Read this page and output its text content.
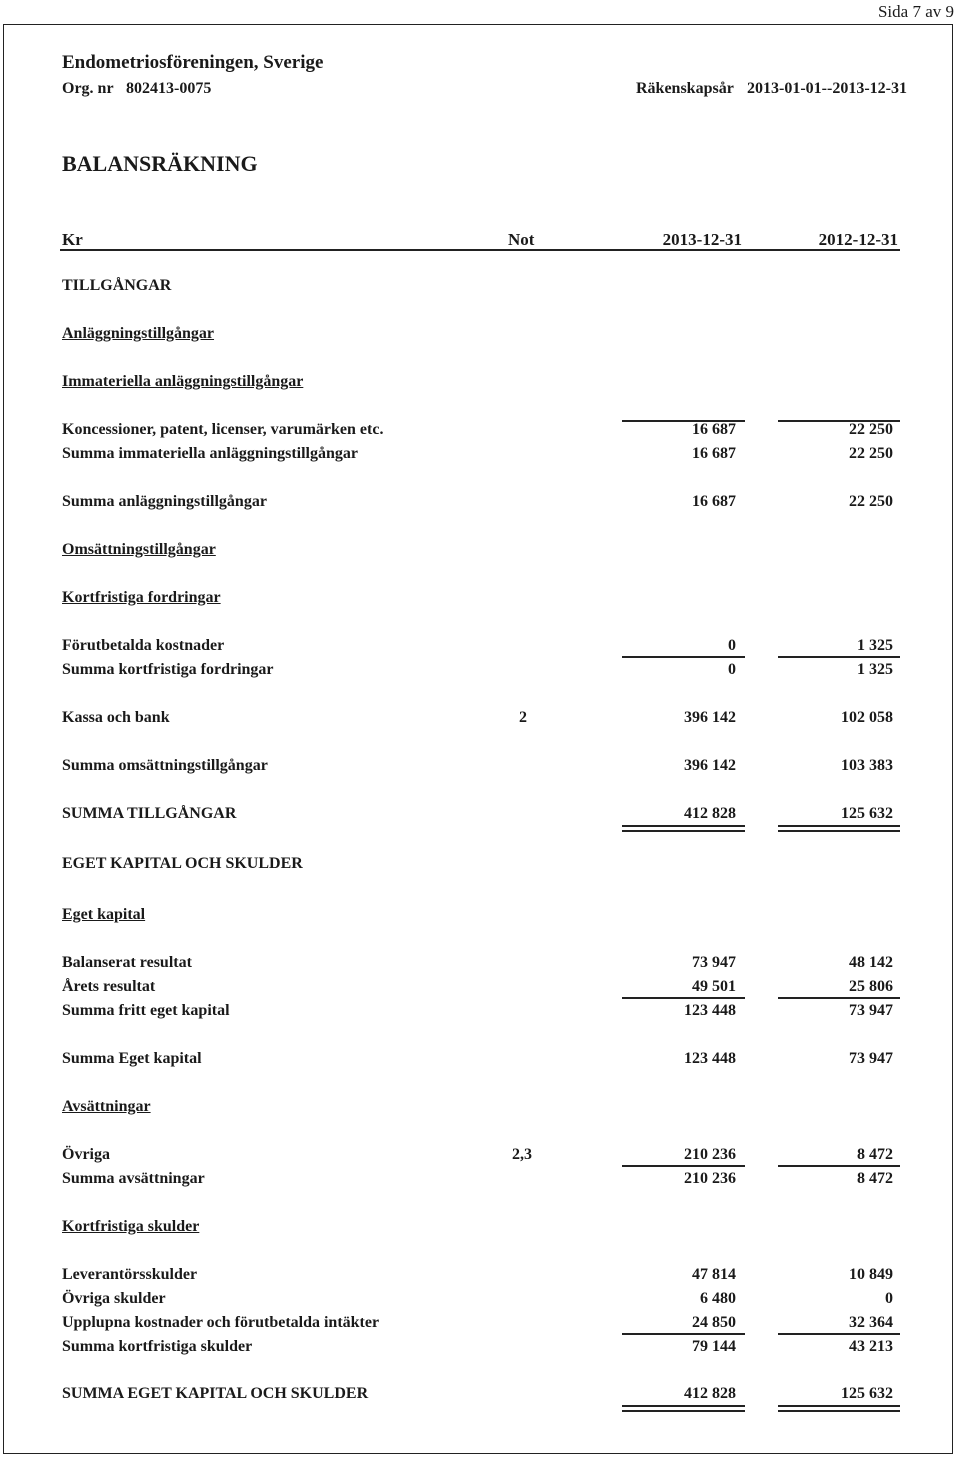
Sida 7 av 9
Endometriosföreningen, Sverige
Org. nr 802413-0075	Räkenskapsår 2013-01-01--2013-12-31
BALANSRÄKNING
Kr	Not	2013-12-31	2012-12-31
TILLGÅNGAR
Anläggningstillgångar
Immateriella anläggningstillgångar
Koncessioner, patent, licenser, varumärken etc.	16 687	22 250
Summa immateriella anläggningstillgångar	16 687	22 250
Summa anläggningstillgångar	16 687	22 250
Omsättningstillgångar
Kortfristiga fordringar
Förutbetalda kostnader	0	1 325
Summa kortfristiga fordringar	0	1 325
Kassa och bank	2	396 142	102 058
Summa omsättningstillgångar	396 142	103 383
SUMMA TILLGÅNGAR	412 828	125 632
EGET KAPITAL OCH SKULDER
Eget kapital
Balanserat resultat	73 947	48 142
Årets resultat	49 501	25 806
Summa fritt eget kapital	123 448	73 947
Summa Eget kapital	123 448	73 947
Avsättningar
Övriga	2,3	210 236	8 472
Summa avsättningar	210 236	8 472
Kortfristiga skulder
Leverantörsskulder	47 814	10 849
Övriga skulder	6 480	0
Upplupna kostnader och förutbetalda intäkter	24 850	32 364
Summa kortfristiga skulder	79 144	43 213
SUMMA EGET KAPITAL OCH SKULDER	412 828	125 632
